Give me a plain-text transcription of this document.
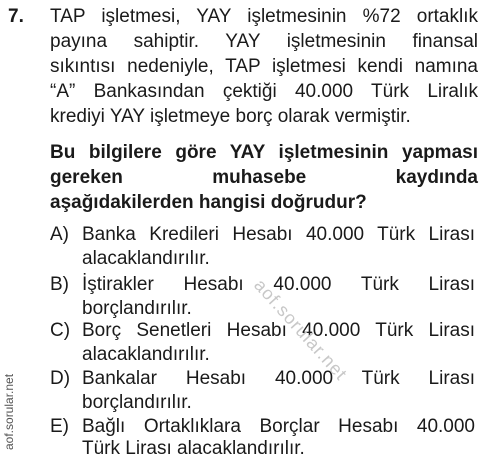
7. TAP işletmesi, YAY işletmesinin %72 ortaklık
payına sahiptir. YAY işletmesinin finansal
sıkıntısı nedeniyle, TAP işletmesi kendi namına
“A” Bankasından çektiği 40.000 Türk Liralık
krediyi YAY işletmeye borç olarak vermiştir.
Bu bilgilere göre YAY işletmesinin yapması
gereken muhasebe kaydında
aşağıdakilerden hangisi doğrudur?
A) Banka Kredileri Hesabı 40.000 Türk Lirası
alacaklandırılır.
B) İştirakler Hesabı 40.000 Türk Lirası
borçlandırılır.
C) Borç Senetleri Hesabı 40.000 Türk Lirası
alacaklandırılır.
D) Bankalar Hesabı 40.000 Türk Lirası
borçlandırılır.
E) Bağlı Ortaklıklara Borçlar Hesabı 40.000
Türk Lirası alacaklandırılır.
aof.sorular.net
aof.sorular.net
